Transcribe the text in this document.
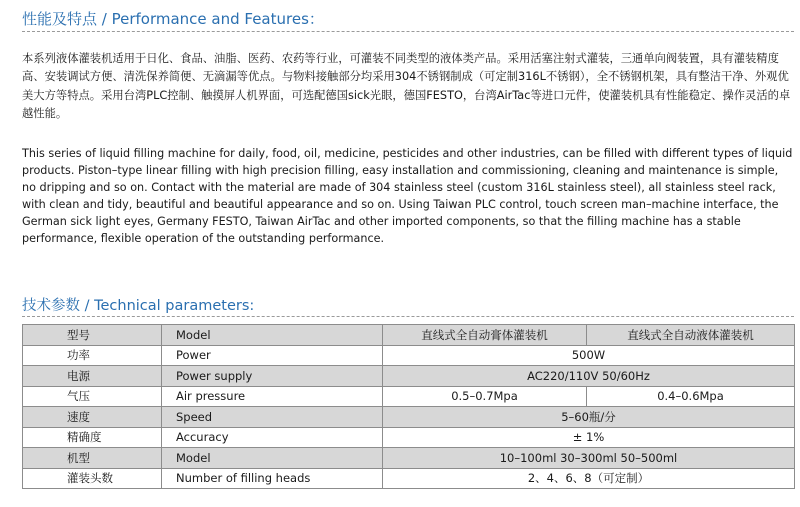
性能及特点 / Performance and Features：

本系列液体灌装机适用于日化、食品、油脂、医药、农药等行业，可灌装不同类型的液体类产品。采用活塞注射式灌装，三通单向阀装置，具有灌装精度高、安装调试方便、清洗保养简便、无滴漏等优点。与物料接触部分均采用304不锈钢制成（可定制316L不锈钢），全不锈钢机架，具有整洁干净、外观优美大方等特点。采用台湾PLC控制、触摸屏人机界面，可选配德国sick光眼，德国FESTO，台湾AirTac等进口元件，使灌装机具有性能稳定、操作灵活的卓越性能。

This series of liquid filling machine for daily, food, oil, medicine, pesticides and other industries, can be filled with different types of liquid products. Piston–type linear filling with high precision filling, easy installation and commissioning, cleaning and maintenance is simple, no dripping and so on. Contact with the material are made of 304 stainless steel (custom 316L stainless steel), all stainless steel rack, with clean and tidy, beautiful and beautiful appearance and so on. Using Taiwan PLC control, touch screen man–machine interface, the German sick light eyes, Germany FESTO, Taiwan AirTac and other imported components, so that the filling machine has a stable performance, flexible operation of the outstanding performance.

技术参数 / Technical parameters:
型号	Model	直线式全自动膏体灌装机	直线式全自动液体灌装机
功率	Power	500W	
电源	Power supply	AC220/110V 50/60Hz	
气压	Air pressure	0.5–0.7Mpa	0.4–0.6Mpa
速度	Speed	5–60瓶/分	
精确度	Accuracy	± 1%	
机型	Model	10–100ml 30–300ml 50–500ml	
灌装头数	Number of filling heads	2、4、6、8（可定制）	
